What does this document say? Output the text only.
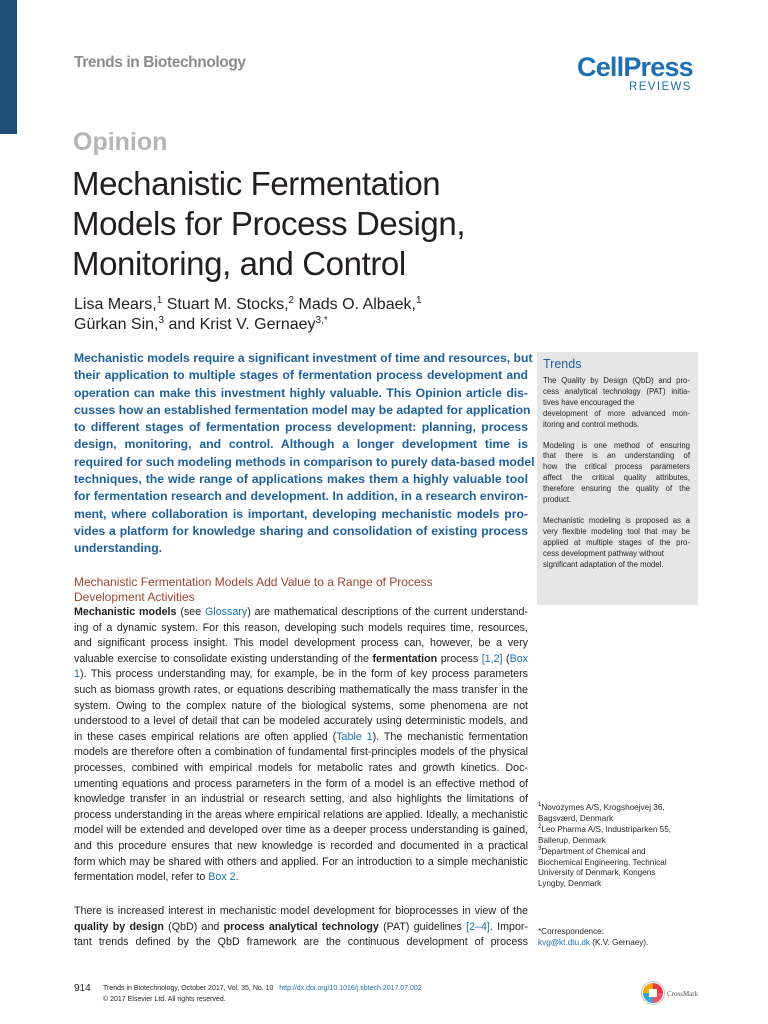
Trends in Biotechnology	CellPress
REVIEWS
Opinion
Mechanistic Fermentation
Models for Process Design,
Monitoring, and Control
Lisa Mears,$^1$ Stuart M. Stocks,$^2$ Mads O. Albaek,$^1$
Gürkan Sin,$^3$ and Krist V. Gernaey$^{3,*}$
Mechanistic models require a significant investment of time and resources, but
their application to multiple stages of fermentation process development and
operation can make this investment highly valuable. This Opinion article dis-
cusses how an established fermentation model may be adapted for application
to different stages of fermentation process development: planning, process
design, monitoring, and control. Although a longer development time is
required for such modeling methods in comparison to purely data-based model
techniques, the wide range of applications makes them a highly valuable tool
for fermentation research and development. In addition, in a research environ-
ment, where collaboration is important, developing mechanistic models pro-
vides a platform for knowledge sharing and consolidation of existing process
understanding.
Trends
The Quality by Design (QbD) and pro-
cess analytical technology (PAT) initia-
tives have encouraged the
development of more advanced mon-
itoring and control methods.
Modeling is one method of ensuring
that there is an understanding of
how the critical process parameters
affect the critical quality attributes,
therefore ensuring the quality of the
product.
Mechanistic modeling is proposed as a
very flexible modeling tool that may be
applied at multiple stages of the pro-
cess development pathway without
significant adaptation of the model.
Mechanistic Fermentation Models Add Value to a Range of Process
Development Activities
Mechanistic models (see Glossary) are mathematical descriptions of the current understand-
ing of a dynamic system. For this reason, developing such models requires time, resources,
and significant process insight. This model development process can, however, be a very
valuable exercise to consolidate existing understanding of the fermentation process [1,2] (Box
1). This process understanding may, for example, be in the form of key process parameters
such as biomass growth rates, or equations describing mathematically the mass transfer in the
system. Owing to the complex nature of the biological systems, some phenomena are not
understood to a level of detail that can be modeled accurately using deterministic models, and
in these cases empirical relations are often applied (Table 1). The mechanistic fermentation
models are therefore often a combination of fundamental first-principles models of the physical
processes, combined with empirical models for metabolic rates and growth kinetics. Doc-
umenting equations and process parameters in the form of a model is an effective method of
knowledge transfer in an industrial or research setting, and also highlights the limitations of
process understanding in the areas where empirical relations are applied. Ideally, a mechanistic
model will be extended and developed over time as a deeper process understanding is gained,
and this procedure ensures that new knowledge is recorded and documented in a practical
form which may be shared with others and applied. For an introduction to a simple mechanistic
fermentation model, refer to Box 2.
There is increased interest in mechanistic model development for bioprocesses in view of the
quality by design (QbD) and process analytical technology (PAT) guidelines [2–4]. Impor-
tant trends defined by the QbD framework are the continuous development of process
$^1$Novozymes A/S, Krogshoejvej 36,
Bagsværd, Denmark
$^2$Leo Pharma A/S, Industriparken 55,
Ballerup, Denmark
$^3$Department of Chemical and
Biochemical Engineering, Technical
University of Denmark, Kongens
Lyngby, Denmark
*Correspondence:
kvg@kt.dtu.dk (K.V. Gernaey).
914 Trends in Biotechnology, October 2017, Vol. 35, No. 10 http://dx.doi.org/10.1016/j.tibtech.2017.07.002
© 2017 Elsevier Ltd. All rights reserved.
CrossMark
